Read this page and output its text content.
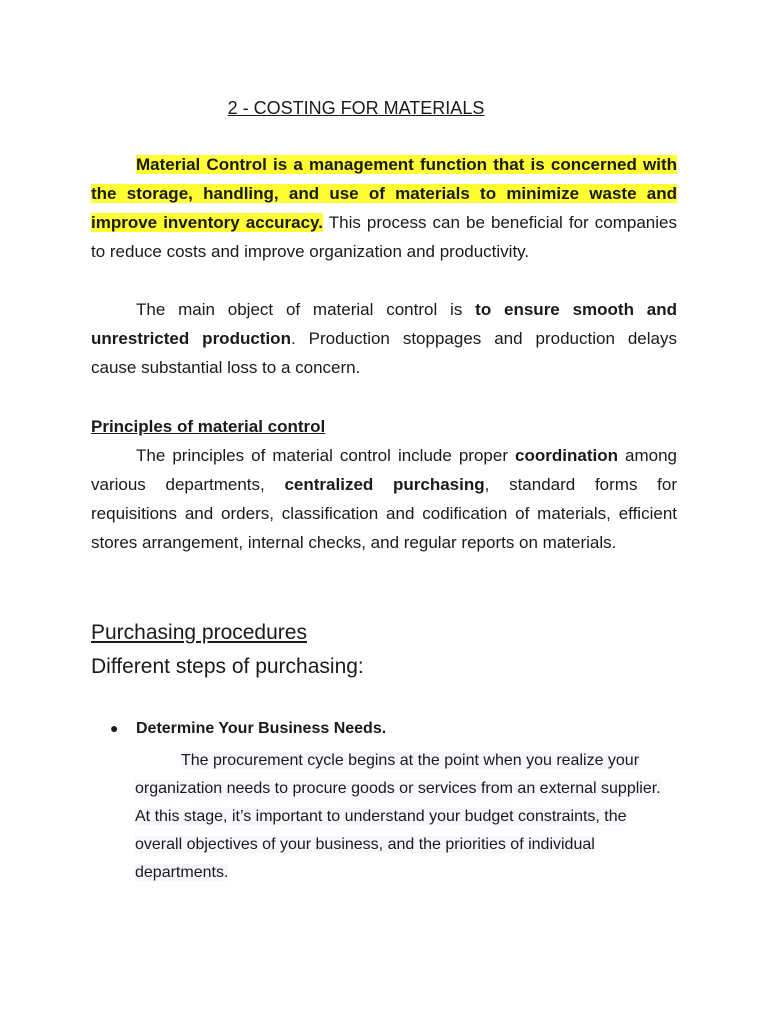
2 - COSTING FOR MATERIALS
Material Control is a management function that is concerned with the storage, handling, and use of materials to minimize waste and improve inventory accuracy. This process can be beneficial for companies to reduce costs and improve organization and productivity.
The main object of material control is to ensure smooth and unrestricted production. Production stoppages and production delays cause substantial loss to a concern.
Principles of material control
The principles of material control include proper coordination among various departments, centralized purchasing, standard forms for requisitions and orders, classification and codification of materials, efficient stores arrangement, internal checks, and regular reports on materials.
Purchasing procedures
Different steps of purchasing:
● Determine Your Business Needs.
The procurement cycle begins at the point when you realize your organization needs to procure goods or services from an external supplier. At this stage, it’s important to understand your budget constraints, the overall objectives of your business, and the priorities of individual departments.
